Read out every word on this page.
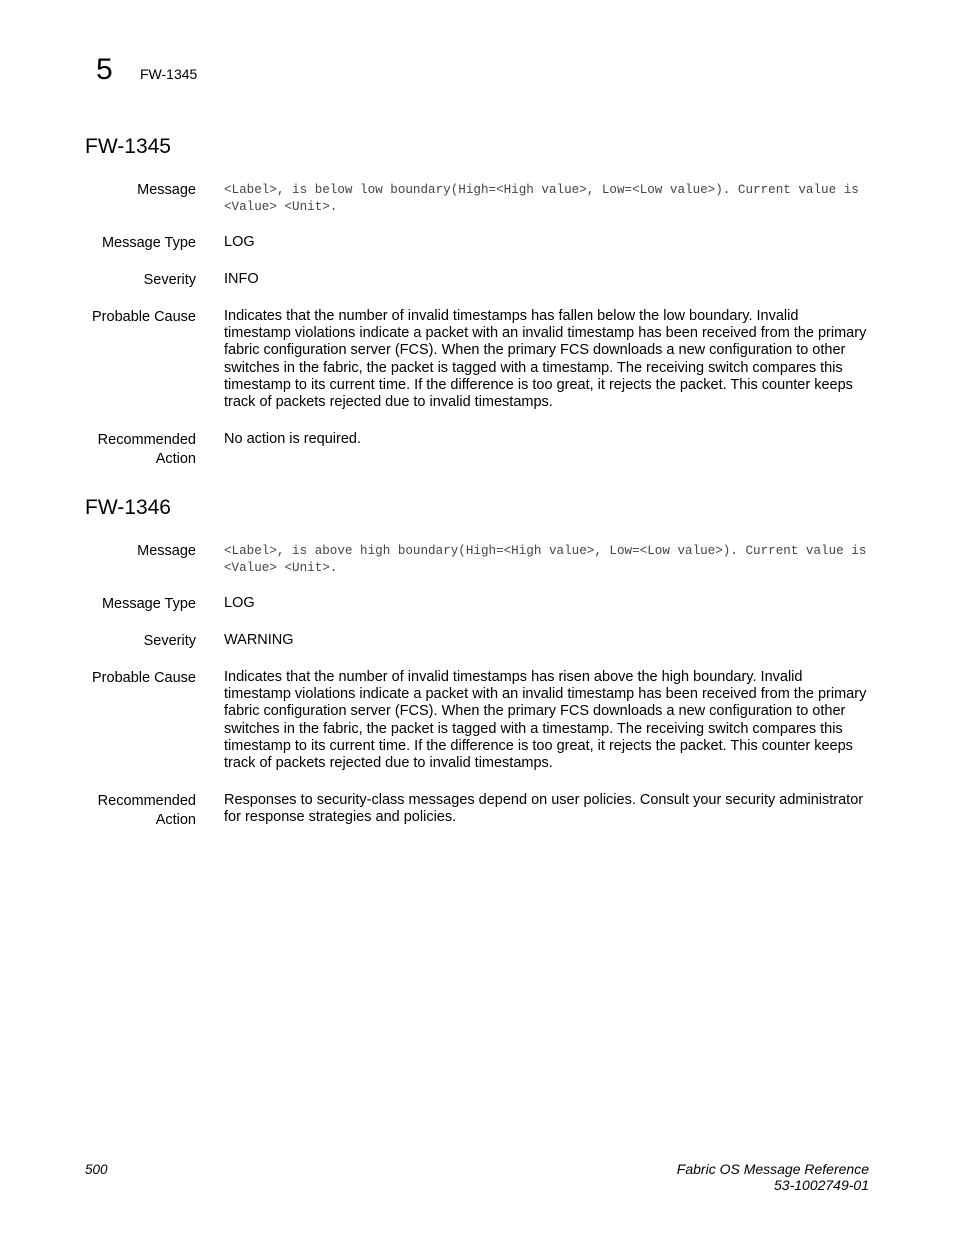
5 FW-1345
FW-1345
Message <Label>, is below low boundary(High=<High value>, Low=<Low value>). Current value is <Value> <Unit>.
Message Type LOG
Severity INFO
Probable Cause Indicates that the number of invalid timestamps has fallen below the low boundary. Invalid timestamp violations indicate a packet with an invalid timestamp has been received from the primary fabric configuration server (FCS). When the primary FCS downloads a new configuration to other switches in the fabric, the packet is tagged with a timestamp. The receiving switch compares this timestamp to its current time. If the difference is too great, it rejects the packet. This counter keeps track of packets rejected due to invalid timestamps.
Recommended Action
No action is required.
FW-1346
Message <Label>, is above high boundary(High=<High value>, Low=<Low value>). Current value is <Value> <Unit>.
Message Type LOG
Severity WARNING
Probable Cause Indicates that the number of invalid timestamps has risen above the high boundary. Invalid timestamp violations indicate a packet with an invalid timestamp has been received from the primary fabric configuration server (FCS). When the primary FCS downloads a new configuration to other switches in the fabric, the packet is tagged with a timestamp. The receiving switch compares this timestamp to its current time. If the difference is too great, it rejects the packet. This counter keeps track of packets rejected due to invalid timestamps.
Recommended Action
Responses to security-class messages depend on user policies. Consult your security administrator for response strategies and policies.
500	Fabric OS Message Reference
53-1002749-01
